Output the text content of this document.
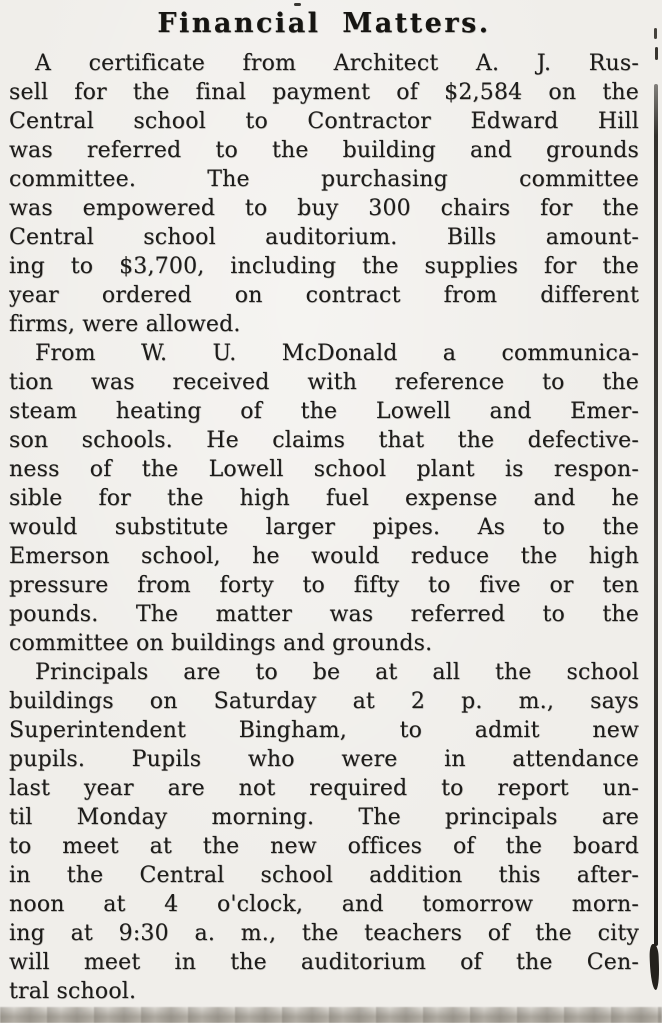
Financial Matters.
A certificate from Architect A. J. Rus-
sell for the final payment of $2,584 on the
Central school to Contractor Edward Hill
was referred to the building and grounds
committee. The purchasing committee
was empowered to buy 300 chairs for the
Central school auditorium. Bills amount-
ing to $3,700, including the supplies for the
year ordered on contract from different
firms, were allowed.
From W. U. McDonald a communica-
tion was received with reference to the
steam heating of the Lowell and Emer-
son schools. He claims that the defective-
ness of the Lowell school plant is respon-
sible for the high fuel expense and he
would substitute larger pipes. As to the
Emerson school, he would reduce the high
pressure from forty to fifty to five or ten
pounds. The matter was referred to the
committee on buildings and grounds.
Principals are to be at all the school
buildings on Saturday at 2 p. m., says
Superintendent Bingham, to admit new
pupils. Pupils who were in attendance
last year are not required to report un-
til Monday morning. The principals are
to meet at the new offices of the board
in the Central school addition this after-
noon at 4 o'clock, and tomorrow morn-
ing at 9:30 a. m., the teachers of the city
will meet in the auditorium of the Cen-
tral school.
